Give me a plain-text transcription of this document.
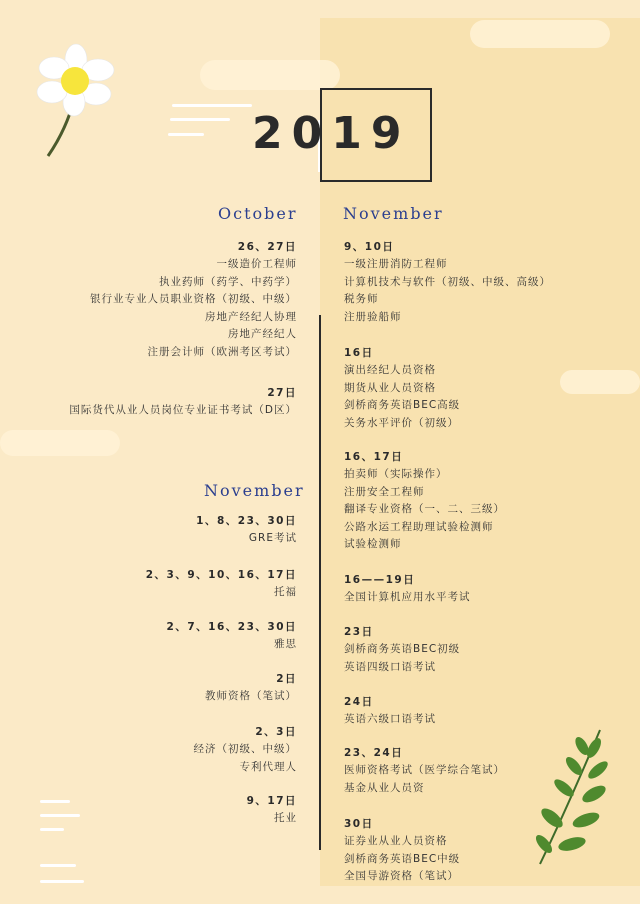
2019
October
November
November
26、27日
一级造价工程师
执业药师（药学、中药学）
银行业专业人员职业资格（初级、中级）
房地产经纪人协理
房地产经纪人
注册会计师（欧洲考区考试）
27日
国际货代从业人员岗位专业证书考试（D区）
1、8、23、30日
GRE考试
2、3、9、10、16、17日
托福
2、7、16、23、30日
雅思
2日
教师资格（笔试）
2、3日
经济（初级、中级）
专利代理人
9、17日
托业
9、10日
一级注册消防工程师
计算机技术与软件（初级、中级、高级）
税务师
注册验船师
16日
演出经纪人员资格
期货从业人员资格
剑桥商务英语BEC高级
关务水平评价（初级）
16、17日
拍卖师（实际操作）
注册安全工程师
翻译专业资格（一、二、三级）
公路水运工程助理试验检测师
试验检测师
16——19日
全国计算机应用水平考试
23日
剑桥商务英语BEC初级
英语四级口语考试
24日
英语六级口语考试
23、24日
医师资格考试（医学综合笔试）
基金从业人员资
30日
证券业从业人员资格
剑桥商务英语BEC中级
全国导游资格（笔试）
